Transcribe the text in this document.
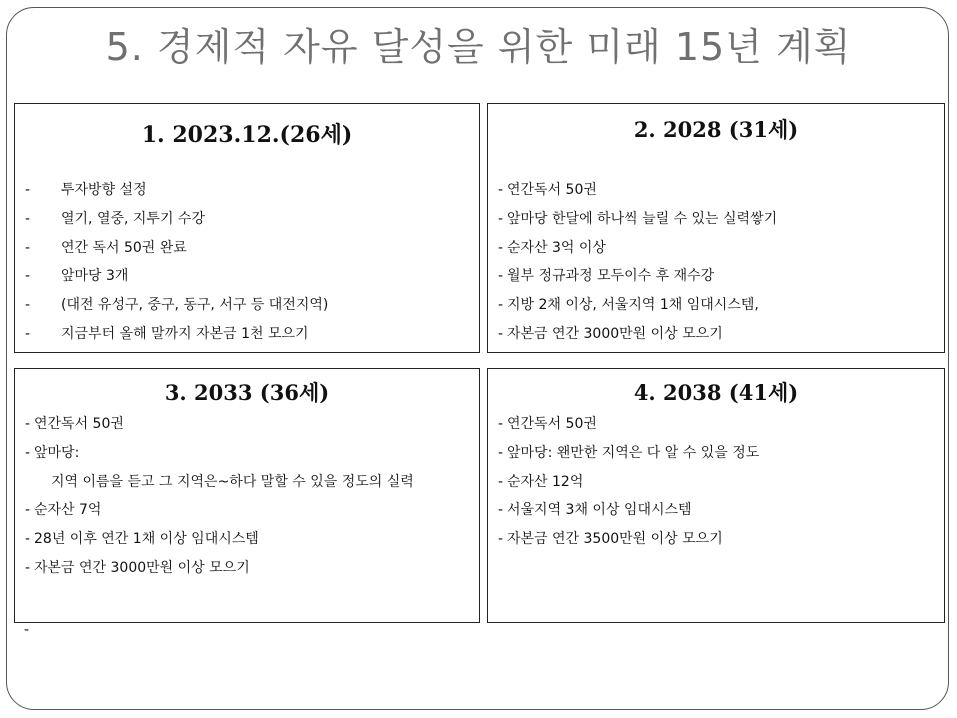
5. 경제적 자유 달성을 위한 미래 15년 계획
1. 2023.12.(26세)
-	투자방향 설정
-	열기, 열중, 지투기 수강
-	연간 독서 50권 완료
-	앞마당 3개
-	(대전 유성구, 중구, 동구, 서구 등 대전지역)
-	지금부터 올해 말까지 자본금 1천 모으기
2. 2028 (31세)
- 연간독서 50권
- 앞마당 한달에 하나씩 늘릴 수 있는 실력쌓기
- 순자산 3억 이상
- 월부 정규과정 모두이수 후 재수강
- 지방 2채 이상, 서울지역 1채 임대시스템,
- 자본금 연간 3000만원 이상 모으기
3. 2033 (36세)
- 연간독서 50권
- 앞마당:
지역 이름을 듣고 그 지역은~하다 말할 수 있을 정도의 실력
- 순자산 7억
- 28년 이후 연간 1채 이상 임대시스템
- 자본금 연간 3000만원 이상 모으기
4. 2038 (41세)
- 연간독서 50권
- 앞마당: 왠만한 지역은 다 알 수 있을 정도
- 순자산 12억
- 서울지역 3채 이상 임대시스템
- 자본금 연간 3500만원 이상 모으기
-
